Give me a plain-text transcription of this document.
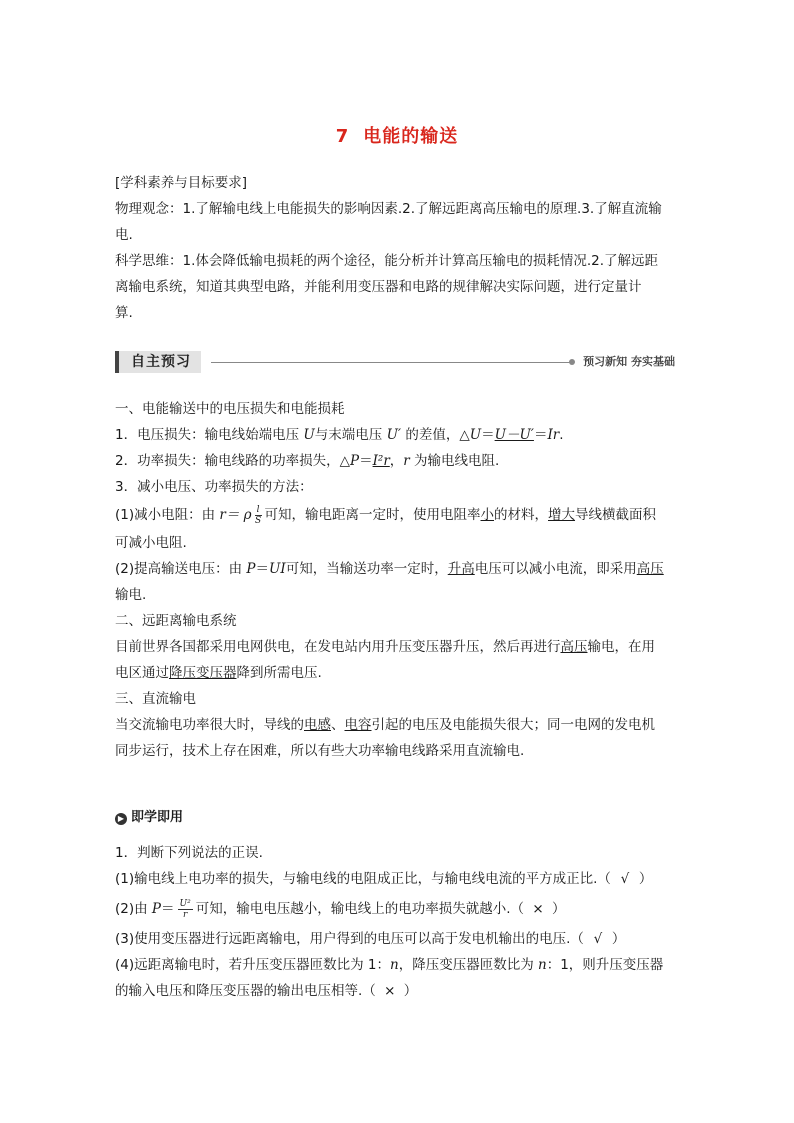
7 电能的输送
[学科素养与目标要求]
物理观念：1.了解输电线上电能损失的影响因素.2.了解远距离高压输电的原理.3.了解直流输
电.
科学思维：1.体会降低输电损耗的两个途径，能分析并计算高压输电的损耗情况.2.了解远距
离输电系统，知道其典型电路，并能利用变压器和电路的规律解决实际问题，进行定量计
算.
自主预习	预习新知 夯实基础
一、电能输送中的电压损失和电能损耗
1．电压损失：输电线始端电压 U与末端电压 U′ 的差值，△U＝U－U′＝Ir.
2．功率损失：输电线路的功率损失，△P＝I²r，r 为输电线电阻.
3．减小电压、功率损失的方法：
(1)减小电阻：由 r＝ ρ $\frac{l}{S}$ 可知，输电距离一定时，使用电阻率小的材料，增大导线横截面积
可减小电阻.
(2)提高输送电压：由 P＝UI可知，当输送功率一定时，升高电压可以减小电流，即采用高压
输电.
二、远距离输电系统
目前世界各国都采用电网供电，在发电站内用升压变压器升压，然后再进行高压输电，在用
电区通过降压变压器降到所需电压.
三、直流输电
当交流输电功率很大时，导线的电感、电容引起的电压及电能损失很大；同一电网的发电机
同步运行，技术上存在困难，所以有些大功率输电线路采用直流输电.
▶ 即学即用
1．判断下列说法的正误.
(1)输电线上电功率的损失，与输电线的电阻成正比，与输电线电流的平方成正比.（ √ ）
(2)由 $P= \frac{\text{U²}}{r}$ 可知，输电电压越小，输电线上的电功率损失就越小.（ × ）
(3)使用变压器进行远距离输电，用户得到的电压可以高于发电机输出的电压.（ √ ）
(4)远距离输电时，若升压变压器匝数比为 1：n，降压变压器匝数比为 n：1，则升压变压器
的输入电压和降压变压器的输出电压相等.（ × ）
